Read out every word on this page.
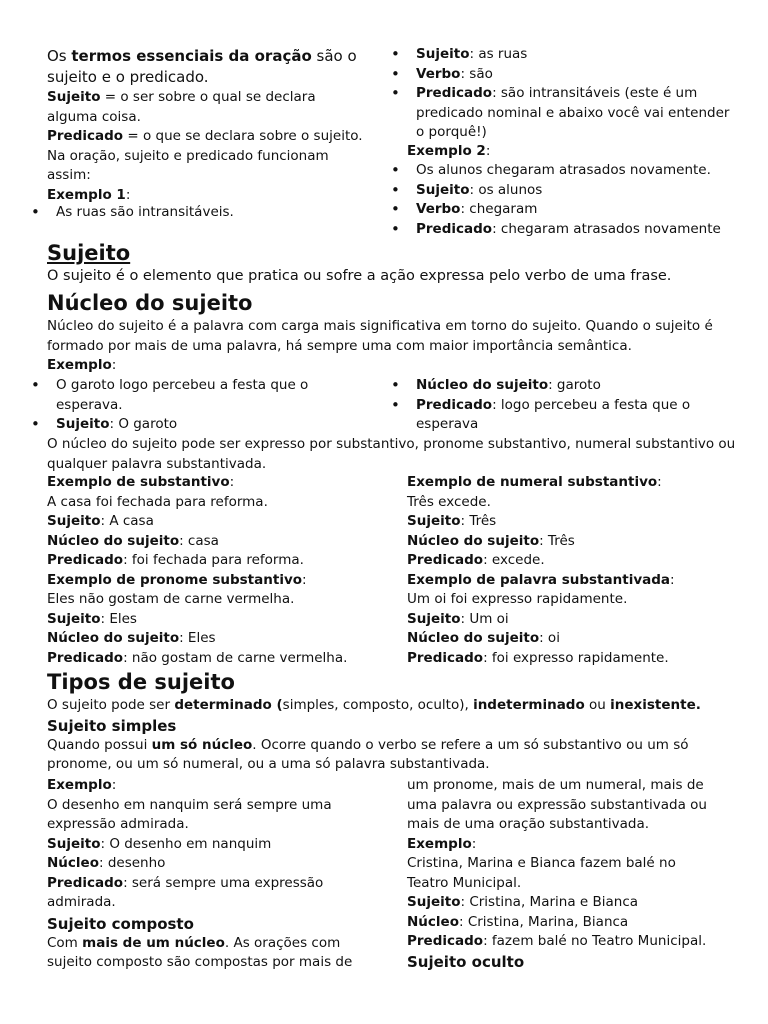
Os termos essenciais da oração são o sujeito e o predicado.

Sujeito = o ser sobre o qual se declara alguma coisa.

Predicado = o que se declara sobre o sujeito.

Na oração, sujeito e predicado funcionam assim:

Exemplo 1:

• As ruas são intransitáveis.
• Sujeito: as ruas
• Verbo: são
• Predicado: são intransitáveis (este é um predicado nominal e abaixo você vai entender o porquê!)

Exemplo 2:

• Os alunos chegaram atrasados novamente.
• Sujeito: os alunos
• Verbo: chegaram
• Predicado: chegaram atrasados novamente
Sujeito

O sujeito é o elemento que pratica ou sofre a ação expressa pelo verbo de uma frase.

Núcleo do sujeito

Núcleo do sujeito é a palavra com carga mais significativa em torno do sujeito. Quando o sujeito é formado por mais de uma palavra, há sempre uma com maior importância semântica.

Exemplo:

• O garoto logo percebeu a festa que o esperava.
• Sujeito: O garoto
• Núcleo do sujeito: garoto
• Predicado: logo percebeu a festa que o esperava

O núcleo do sujeito pode ser expresso por substantivo, pronome substantivo, numeral substantivo ou qualquer palavra substantivada.

Exemplo de substantivo:

A casa foi fechada para reforma.

Sujeito: A casa

Núcleo do sujeito: casa

Predicado: foi fechada para reforma.

Exemplo de pronome substantivo:

Eles não gostam de carne vermelha.

Sujeito: Eles

Núcleo do sujeito: Eles

Predicado: não gostam de carne vermelha.

Exemplo de numeral substantivo:

Três excede.

Sujeito: Três

Núcleo do sujeito: Três

Predicado: excede.

Exemplo de palavra substantivada:

Um oi foi expresso rapidamente.

Sujeito: Um oi

Núcleo do sujeito: oi

Predicado: foi expresso rapidamente.

Tipos de sujeito

O sujeito pode ser determinado (simples, composto, oculto), indeterminado ou inexistente.

Sujeito simples

Quando possui um só núcleo. Ocorre quando o verbo se refere a um só substantivo ou um só pronome, ou um só numeral, ou a uma só palavra substantivada.

Exemplo:

O desenho em nanquim será sempre uma expressão admirada.

Sujeito: O desenho em nanquim

Núcleo: desenho

Predicado: será sempre uma expressão admirada.

Sujeito composto

Com mais de um núcleo. As orações com sujeito composto são compostas por mais de

um pronome, mais de um numeral, mais de uma palavra ou expressão substantivada ou mais de uma oração substantivada.

Exemplo:

Cristina, Marina e Bianca fazem balé no Teatro Municipal.

Sujeito: Cristina, Marina e Bianca

Núcleo: Cristina, Marina, Bianca

Predicado: fazem balé no Teatro Municipal.

Sujeito oculto
